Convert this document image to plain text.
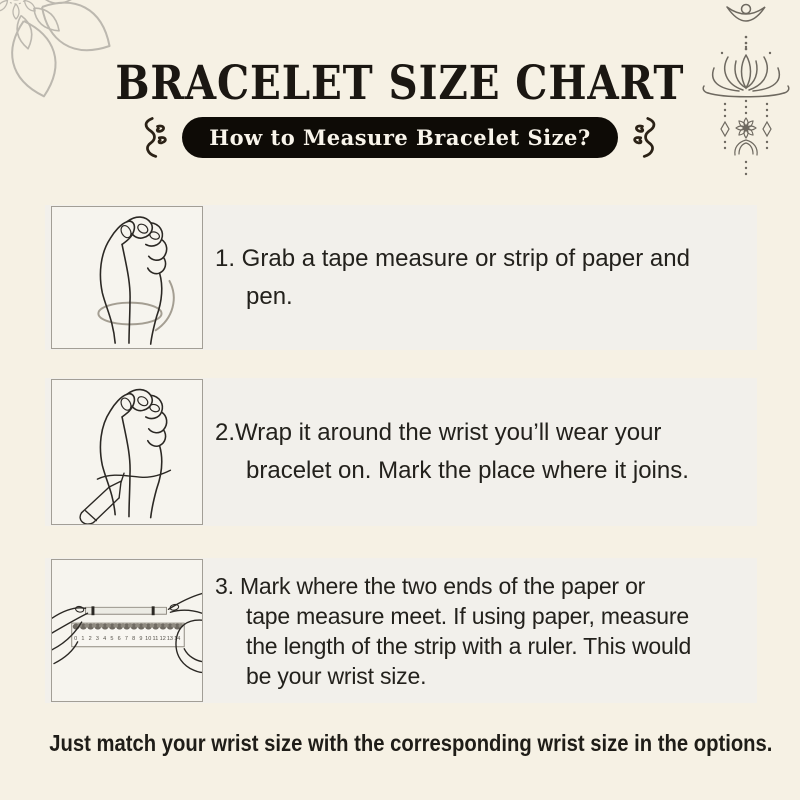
BRACELET SIZE CHART
How to Measure Bracelet Size?
1. Grab a tape measure or strip of paper and
pen.
2.Wrap it around the wrist you’ll wear your
bracelet on. Mark the place where it joins.
0 1 2 3 4 5 6 7 8 9 10 11 12 13 14
3. Mark where the two ends of the paper or
tape measure meet. If using paper, measure
the length of the strip with a ruler. This would
be your wrist size.
Just match your wrist size with the corresponding wrist size in the options.
